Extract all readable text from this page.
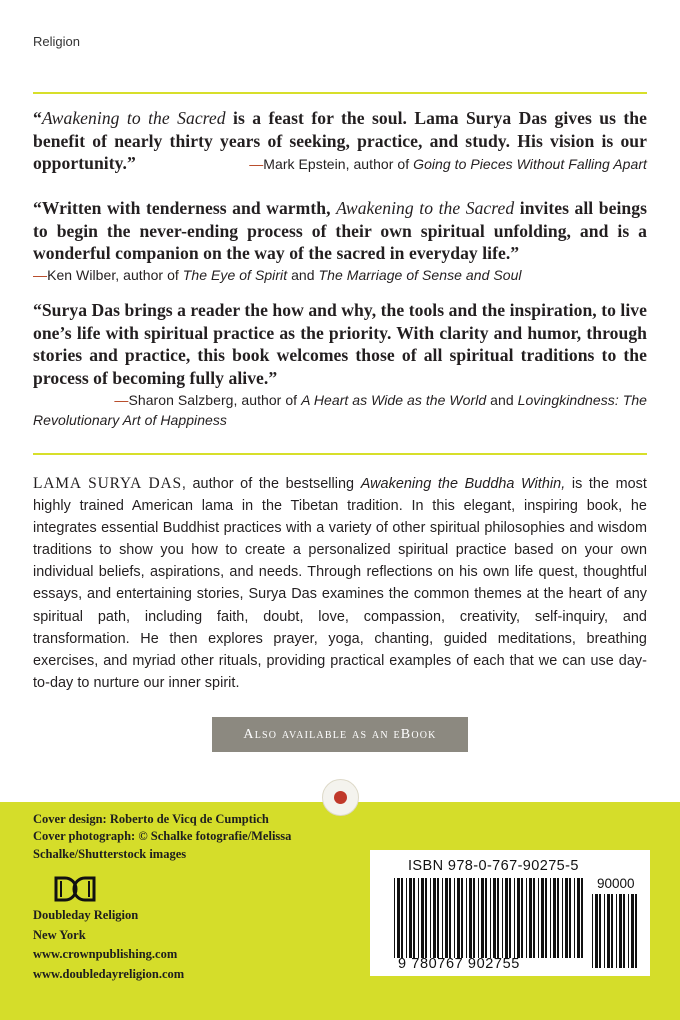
Religion
“Awakening to the Sacred is a feast for the soul. Lama Surya Das gives us the benefit of nearly thirty years of seeking, practice, and study. His vision is our opportunity.”	—Mark Epstein, author of Going to Pieces Without Falling Apart
“Written with tenderness and warmth, Awakening to the Sacred invites all beings to begin the never-ending process of their own spiritual unfolding, and is a wonderful companion on the way of the sacred in everyday life.”
—Ken Wilber, author of The Eye of Spirit and The Marriage of Sense and Soul
“Surya Das brings a reader the how and why, the tools and the inspiration, to live one’s life with spiritual practice as the priority. With clarity and humor, through stories and practice, this book welcomes those of all spiritual traditions to the process of becoming fully alive.”
—Sharon Salzberg, author of A Heart as Wide as the World and Lovingkindness: The Revolutionary Art of Happiness
LAMA SURYA DAS, author of the bestselling Awakening the Buddha Within, is the most highly trained American lama in the Tibetan tradition. In this elegant, inspiring book, he integrates essential Buddhist practices with a variety of other spiritual philosophies and wisdom traditions to show you how to create a personalized spiritual practice based on your own individual beliefs, aspirations, and needs. Through reflections on his own life quest, thoughtful essays, and entertaining stories, Surya Das examines the common themes at the heart of any spiritual path, including faith, doubt, love, compassion, creativity, self-inquiry, and transformation. He then explores prayer, yoga, chanting, guided meditations, breathing exercises, and myriad other rituals, providing practical examples of each that we can use day-to-day to nurture our inner spirit.
Also available as an eBook
Cover design: Roberto de Vicq de Cumptich
Cover photograph: © Schalke fotografie/Melissa Schalke/Shutterstock images
Doubleday Religion
New York
www.crownpublishing.com
www.doubledayreligion.com
ISBN 978-0-767-90275-5
90000
9 780767 902755
